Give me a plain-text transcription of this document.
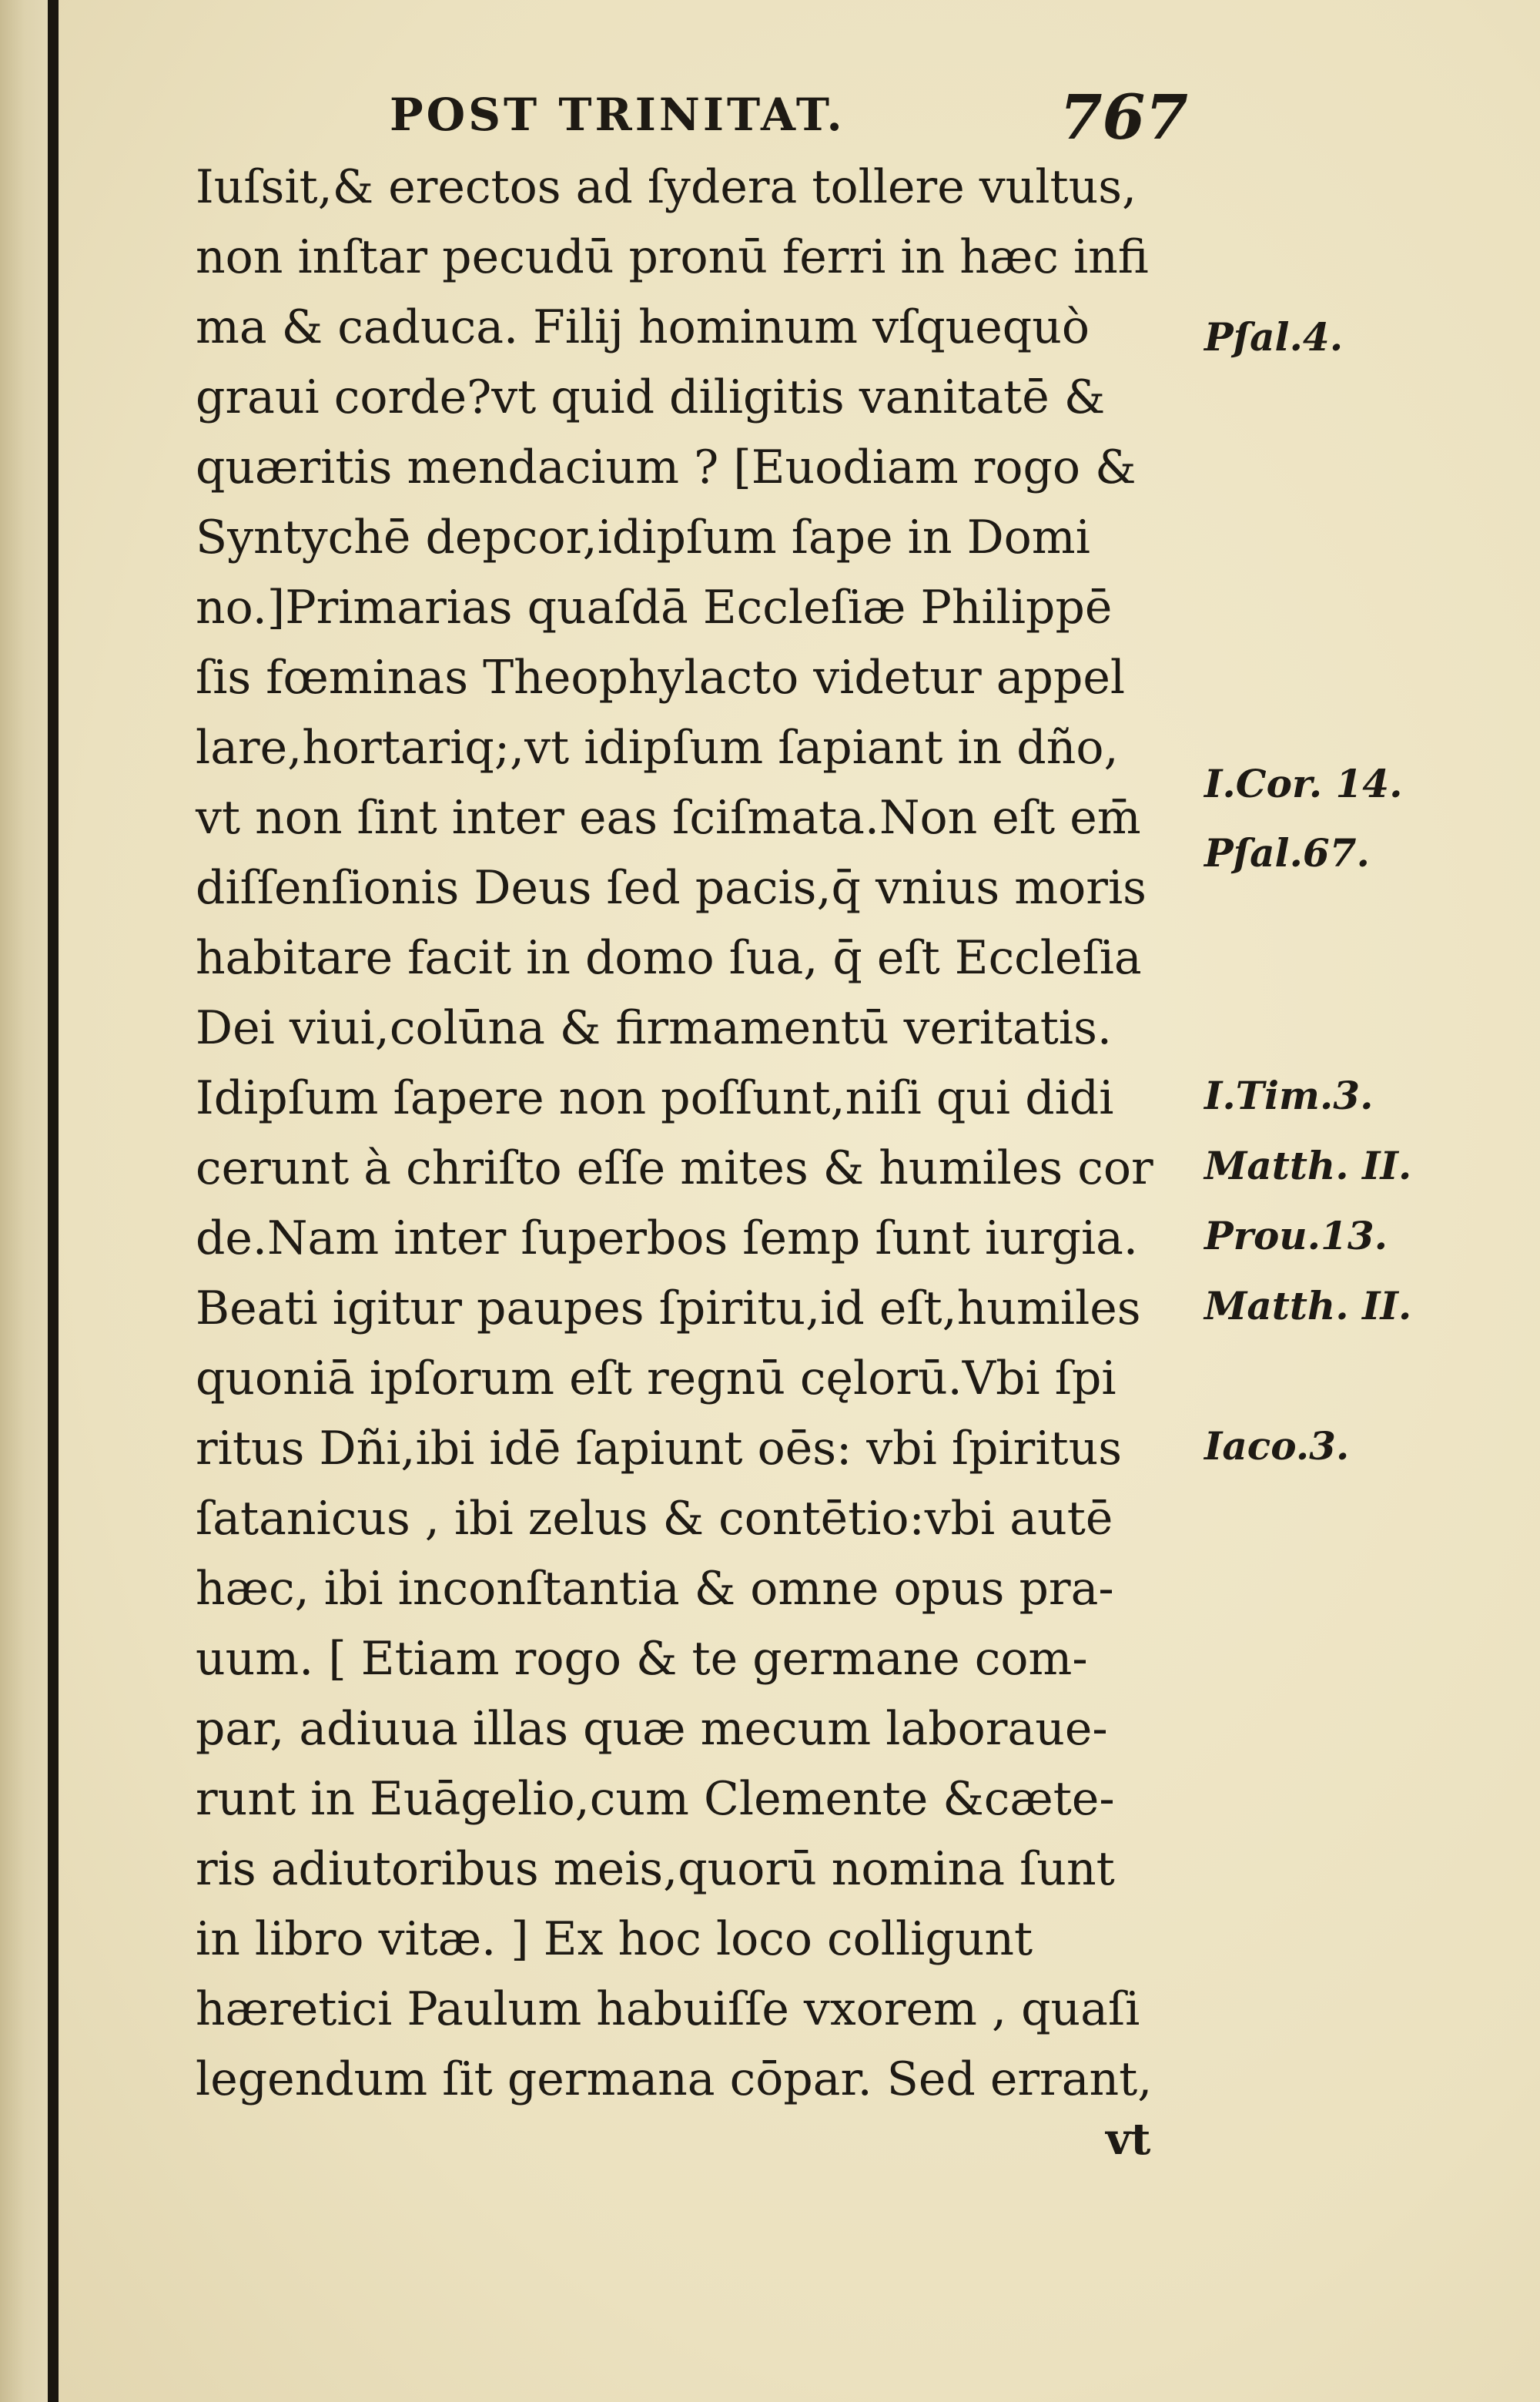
POST TRINITAT.	767
Iuſsit,& erectos ad ſydera tollere vultus,
non inſtar pecudū pronū ferri in hæc infi
ma & caduca. Filij hominum vſquequò
graui corde?vt quid diligitis vanitatē &
quæritis mendacium ? [Euodiam rogo &
Syntychē depcor,idipſum ſape in Domi
no.]Primarias quaſdā Eccleſiæ Philippē
ſis fœminas Theophylacto videtur appel
lare,hortariq;,vt idipſum ſapiant in dño,
vt non ſint inter eas ſciſmata.Non eſt em̄
diſſenſionis Deus ſed pacis,q̄ vnius moris
habitare facit in domo ſua, q̄ eſt Eccleſia
Dei viui,colūna & firmamentū veritatis.
Idipſum ſapere non poſſunt,niſi qui didi
cerunt à chriſto eſſe mites & humiles cor
de.Nam inter ſuperbos ſemp ſunt iurgia.
Beati igitur paupes ſpiritu,id eſt,humiles
quoniā ipſorum eſt regnū cęlorū.Vbi ſpi
ritus Dñi,ibi idē ſapiunt oēs: vbi ſpiritus
ſatanicus , ibi zelus & contētio:vbi autē
hæc, ibi inconſtantia & omne opus pra-
uum. [ Etiam rogo & te germane com-
par, adiuua illas quæ mecum laboraue-
runt in Euāgelio,cum Clemente &cæte-
ris adiutoribus meis,quorū nomina ſunt
in libro vitæ. ] Ex hoc loco colligunt
hæretici Paulum habuiſſe vxorem , quaſi
legendum ſit germana cōpar. Sed errant,
Pſal.4.
I.Cor. 14.
Pſal.67.
I.Tim.3.
Matth. II.
Prou.13.
Matth. II.
Iaco.3.
vt
